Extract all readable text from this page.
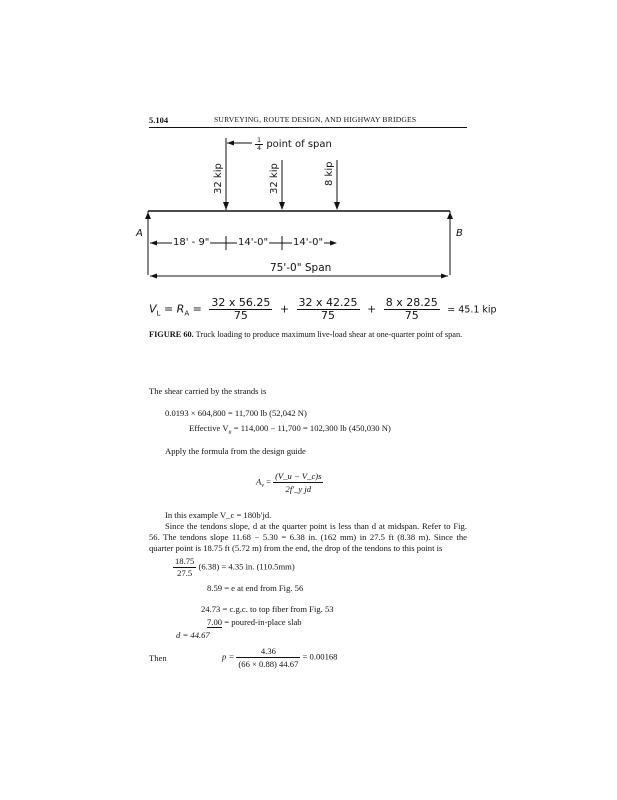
5.104	SURVEYING, ROUTE DESIGN, AND HIGHWAY BRIDGES
32 kip	32 kip	8 kip
$\frac{1}{4}$ point of span
A	B
18' - 9"	14'-0" 14'-0"
75'-0" Span
$V_L = R_A = \frac{32 x 56.25}{75} + \frac{32 x 42.25}{75} + \frac{8 x 28.25}{75} = 45.1$ kip
FIGURE 60. Truck loading to produce maximum live-load shear at one-quarter point of span.
The shear carried by the strands is
0.0193 × 604,800 = 11,700 lb (52,042 N)
Effective $V_u = 114,000 - 11,700 = 102,300$ lb (450,030 N)
Apply the formula from the design guide
$A_v = \frac{(V\_u - V\_c)s}{\text{2f′\_y jd}}$
In this example V_c = 180b′jd.
Since the tendons slope, d at the quarter point is less than d at midspan. Refer to Fig. 56. The tendons slope 11.68 − 5.30 = 6.38 in. (162 mm) in 27.5 ft (8.38 m). Since the quarter point is 18.75 ft (5.72 m) from the end, the drop of the tendons to this point is
$\frac{18.75}{27.5} (6.38) = 4.35$ in. (110.5mm)
8.59 = e at end from Fig. 56
24.73 = c.g.c. to top fiber from Fig. 53
7.00 = poured-in-place slab
d = 44.67
Then	$p = \frac{4.36}{(66 \times 0.88) 44.67} = 0.00168$
